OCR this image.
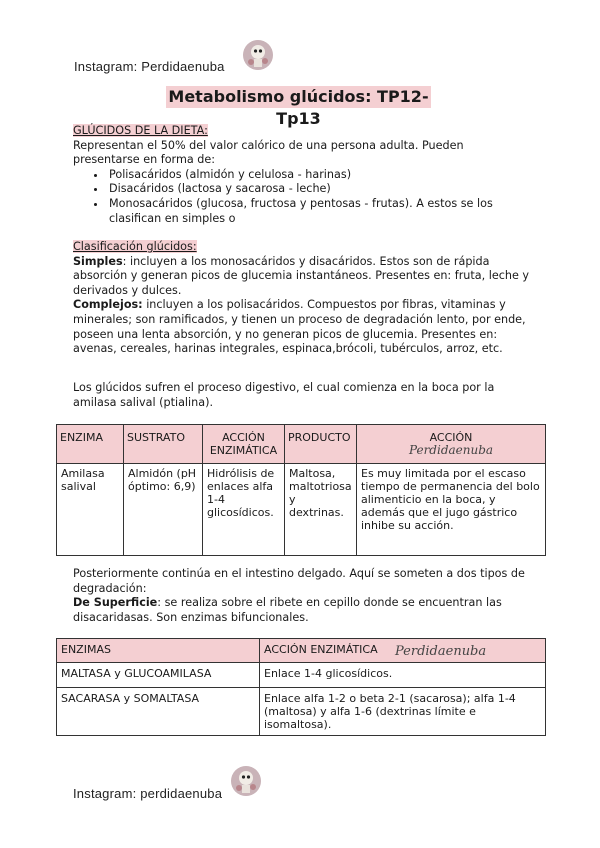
Instagram: Perdidaenuba
Metabolismo glúcidos: TP12-Tp13

GLÚCIDOS DE LA DIETA:

Representan el 50% del valor calórico de una persona adulta. Pueden presentarse en forma de:

• Polisacáridos (almidón y celulosa - harinas)
• Disacáridos (lactosa y sacarosa - leche)
• Monosacáridos (glucosa, fructosa y pentosas - frutas). A estos se los clasifican en simples o

Clasificación glúcidos:

Simples: incluyen a los monosacáridos y disacáridos. Estos son de rápida absorción y generan picos de glucemia instantáneos. Presentes en: fruta, leche y derivados y dulces.

Complejos: incluyen a los polisacáridos. Compuestos por fibras, vitaminas y minerales; son ramificados, y tienen un proceso de degradación lento, por ende, poseen una lenta absorción, y no generan picos de glucemia. Presentes en: avenas, cereales, harinas integrales, espinaca,brócoli, tubérculos, arroz, etc.

Los glúcidos sufren el proceso digestivo, el cual comienza en la boca por la amilasa salival (ptialina).
ENZIMA	SUSTRATO	ACCIÓN ENZIMÁTICA	PRODUCTO	ACCIÓN
Perdidaenuba

Amilasa salival	Almidón (pH óptimo: 6,9)	Hidrólisis de enlaces alfa 1-4 glicosídicos.	Maltosa, maltotriosa y dextrinas.	Es muy limitada por el escaso tiempo de permanencia del bolo alimenticio en la boca, y además que el jugo gástrico inhibe su acción.

Posteriormente continúa en el intestino delgado. Aquí se someten a dos tipos de degradación:

De Superficie: se realiza sobre el ribete en cepillo donde se encuentran las disacaridasas. Son enzimas bifuncionales.

ENZIMAS	ACCIÓN ENZIMÁTICA Perdidaenuba

MALTASA y GLUCOAMILASA	Enlace 1-4 glicosídicos.
SACARASA y SOMALTASA	Enlace alfa 1-2 o beta 2-1 (sacarosa); alfa 1-4 (maltosa) y alfa 1-6 (dextrinas límite e isomaltosa).
Instagram: perdidaenuba
